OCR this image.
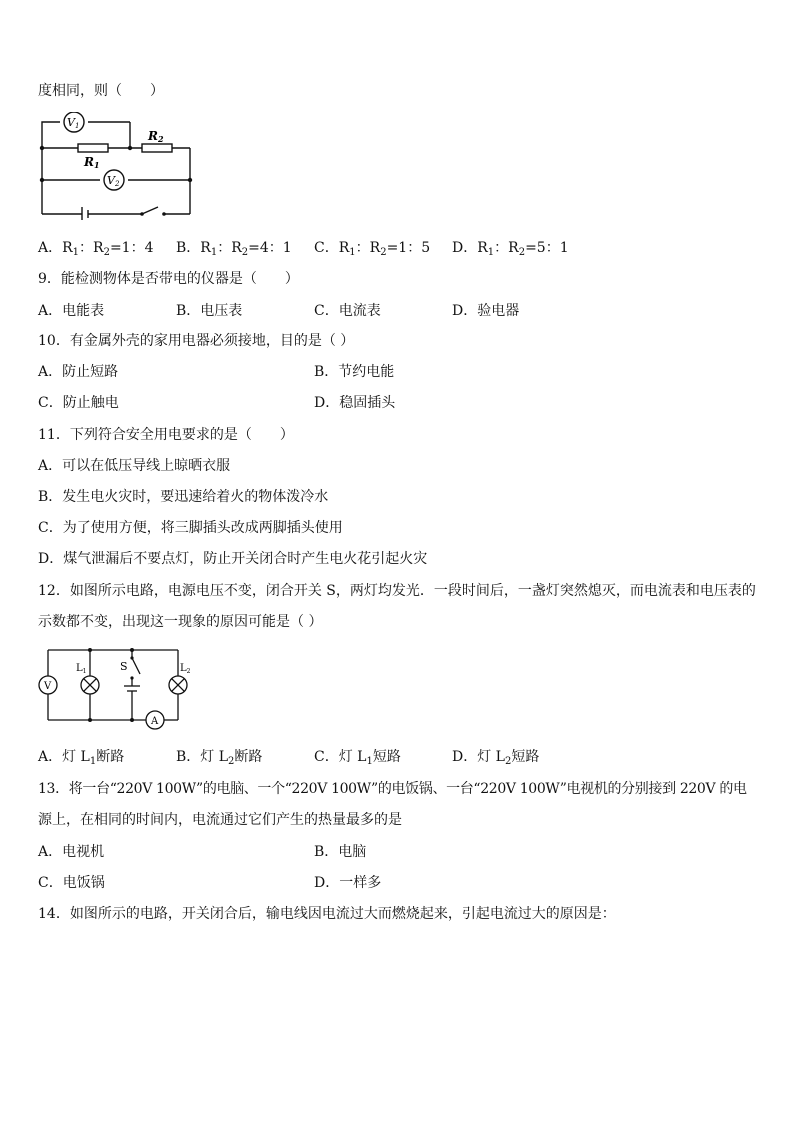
度相同，则（　　）
V1
V2
R1
R2
A．$R_1$：$R_2=1$：4 B．$R_1$：$R_2=4$：1 C．$R_1$：$R_2=1$：5 D．$R_1$：$R_2=5$：1
9．能检测物体是否带电的仪器是（　　）
A．电能表	B．电压表	C．电流表	D．验电器
10．有金属外壳的家用电器必须接地，目的是（ ）
A．防止短路	B．节约电能
C．防止触电	D．稳固插头
11．下列符合安全用电要求的是（　　）
A．可以在低压导线上晾晒衣服
B．发生电火灾时，要迅速给着火的物体泼冷水
C．为了使用方便，将三脚插头改成两脚插头使用
D．煤气泄漏后不要点灯，防止开关闭合时产生电火花引起火灾
12．如图所示电路，电源电压不变，闭合开关 S，两灯均发光．一段时间后，一盏灯突然熄灭，而电流表和电压表的
示数都不变，出现这一现象的原因可能是（ ）
V
A
S
$L_1$	$L_2$
A．灯 $L_1$断路	B．灯 $L_2$断路	C．灯 $L_1$短路	D．灯 $L_2$短路
13．将一台“220V 100W”的电脑、一个“220V 100W”的电饭锅、一台“220V 100W”电视机的分别接到 220V 的电
源上，在相同的时间内，电流通过它们产生的热量最多的是
A．电视机	B．电脑
C．电饭锅	D．一样多
14．如图所示的电路，开关闭合后，输电线因电流过大而燃烧起来，引起电流过大的原因是：
